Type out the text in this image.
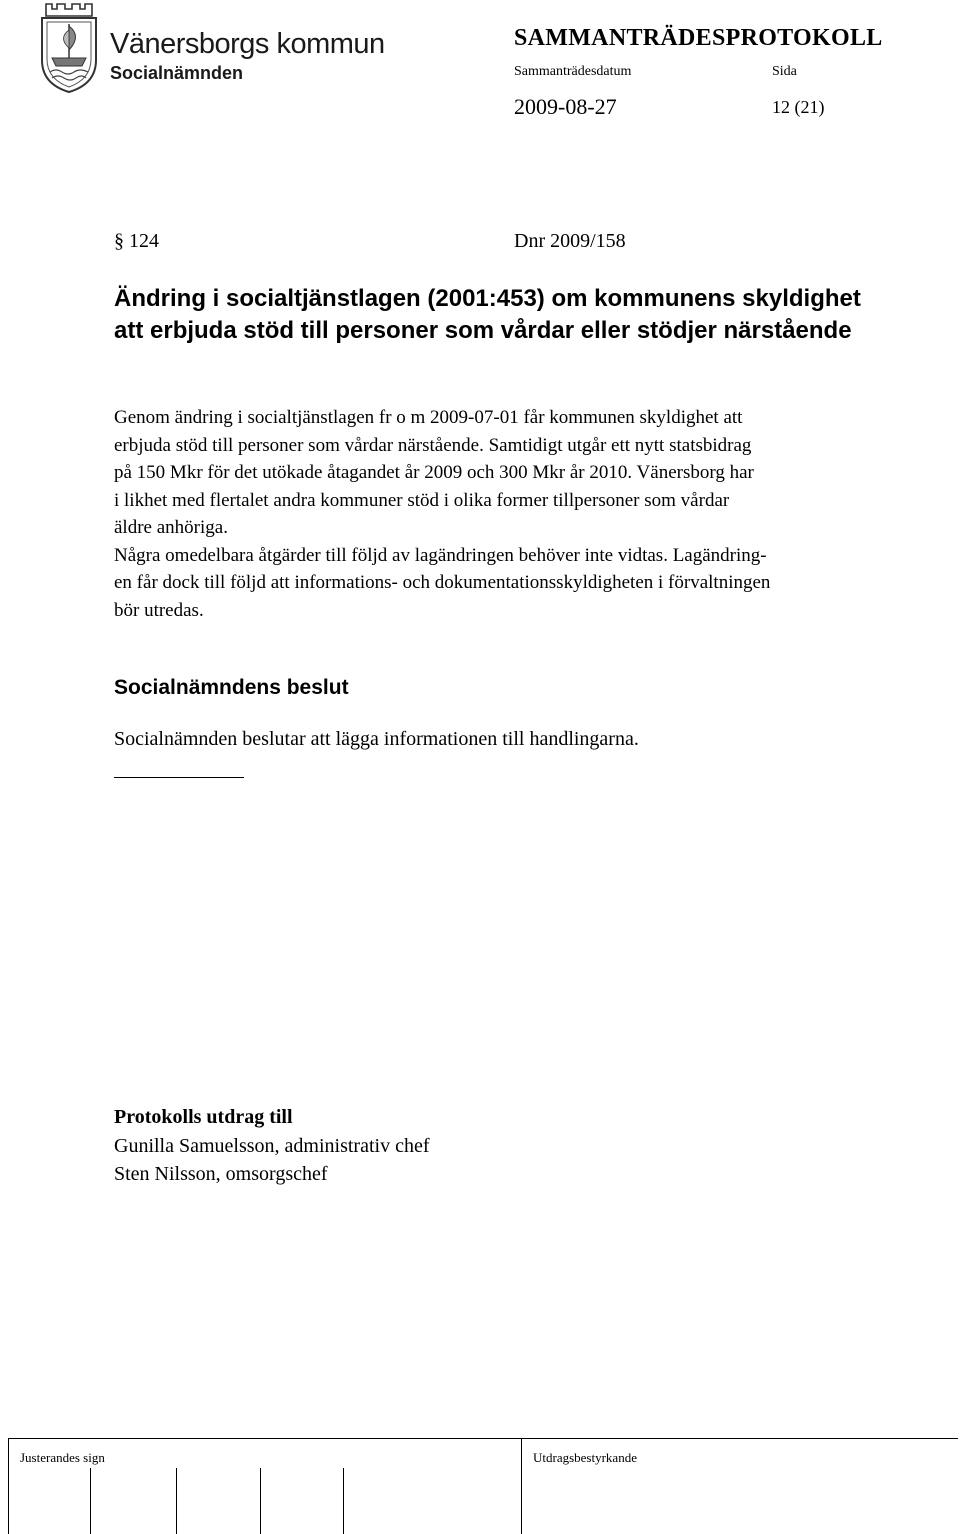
Vänersborgs kommun
Socialnämnden
SAMMANTRÄDESPROTOKOLL
Sammanträdesdatum	Sida
2009-08-27	12 (21)
§ 124	Dnr 2009/158
Ändring i socialtjänstlagen (2001:453) om kommunens skyldighet att erbjuda stöd till personer som vårdar eller stödjer närstående
Genom ändring i socialtjänstlagen fr o m 2009-07-01 får kommunen skyldighet att
erbjuda stöd till personer som vårdar närstående. Samtidigt utgår ett nytt statsbidrag
på 150 Mkr för det utökade åtagandet år 2009 och 300 Mkr år 2010. Vänersborg har
i likhet med flertalet andra kommuner stöd i olika former tillpersoner som vårdar
äldre anhöriga.
Några omedelbara åtgärder till följd av lagändringen behöver inte vidtas. Lagändring-
en får dock till följd att informations- och dokumentationsskyldigheten i förvaltningen
bör utredas.
Socialnämndens beslut
Socialnämnden beslutar att lägga informationen till handlingarna.
Protokolls utdrag till
Gunilla Samuelsson, administrativ chef
Sten Nilsson, omsorgschef
Justerandes sign	Utdragsbestyrkande
